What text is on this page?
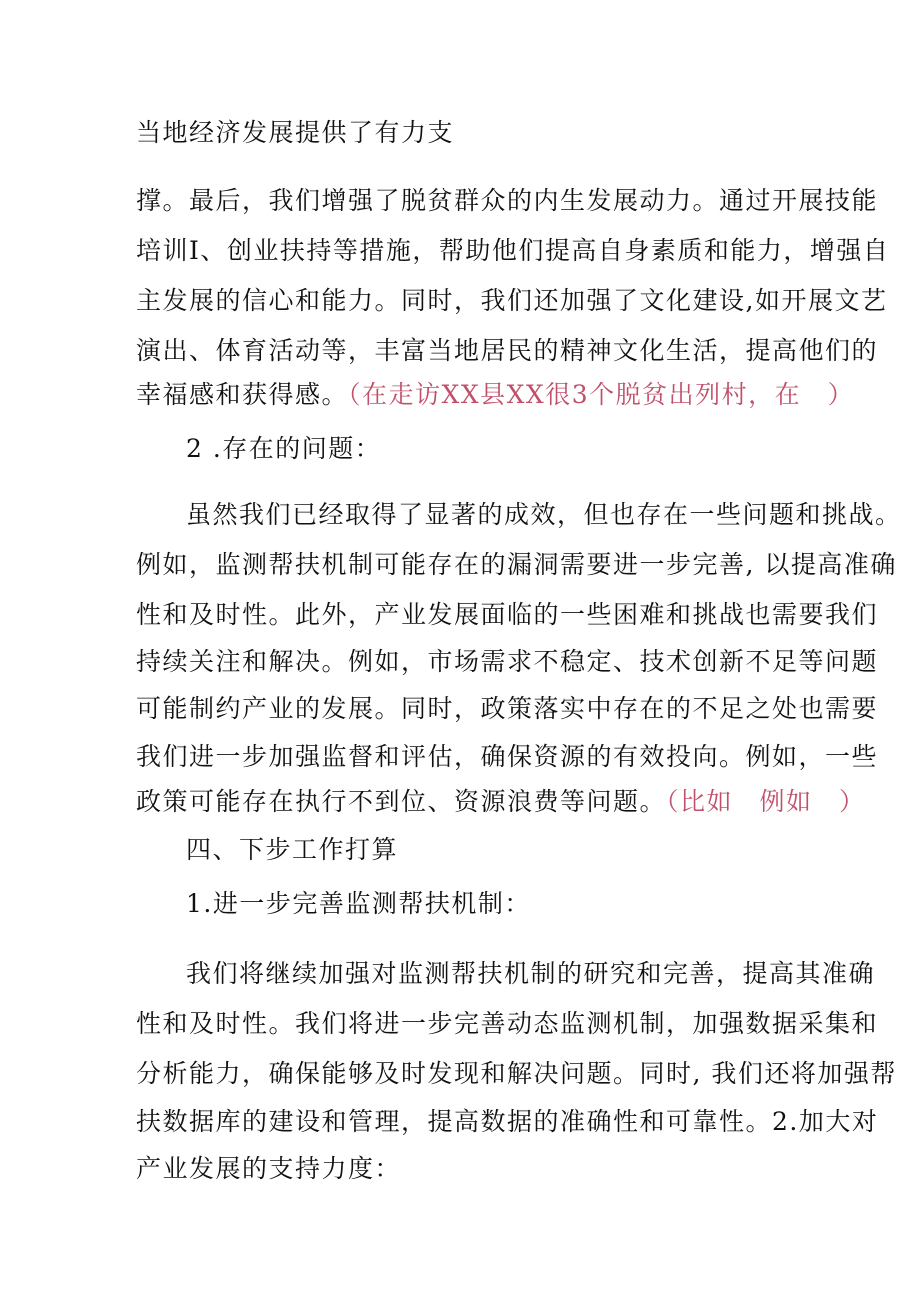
当地经济发展提供了有力支
撑。最后，我们增强了脱贫群众的内生发展动力。通过开展技能
培训I、创业扶持等措施，帮助他们提高自身素质和能力，增强自
主发展的信心和能力。同时，我们还加强了文化建设,如开展文艺
演出、体育活动等，丰富当地居民的精神文化生活，提高他们的
幸福感和获得感。（在走访XX县XX很3个脱贫出列村，在　）
2 .存在的问题：
虽然我们已经取得了显著的成效，但也存在一些问题和挑战。
例如，监测帮扶机制可能存在的漏洞需要进一步完善, 以提高准确
性和及时性。此外，产业发展面临的一些困难和挑战也需要我们
持续关注和解决。例如，市场需求不稳定、技术创新不足等问题
可能制约产业的发展。同时，政策落实中存在的不足之处也需要
我们进一步加强监督和评估，确保资源的有效投向。例如，一些
政策可能存在执行不到位、资源浪费等问题。（比如　例如　）
四、下步工作打算
1.进一步完善监测帮扶机制：
我们将继续加强对监测帮扶机制的研究和完善，提高其准确
性和及时性。我们将进一步完善动态监测机制，加强数据采集和
分析能力，确保能够及时发现和解决问题。同时, 我们还将加强帮
扶数据库的建设和管理，提高数据的准确性和可靠性。2.加大对
产业发展的支持力度：
